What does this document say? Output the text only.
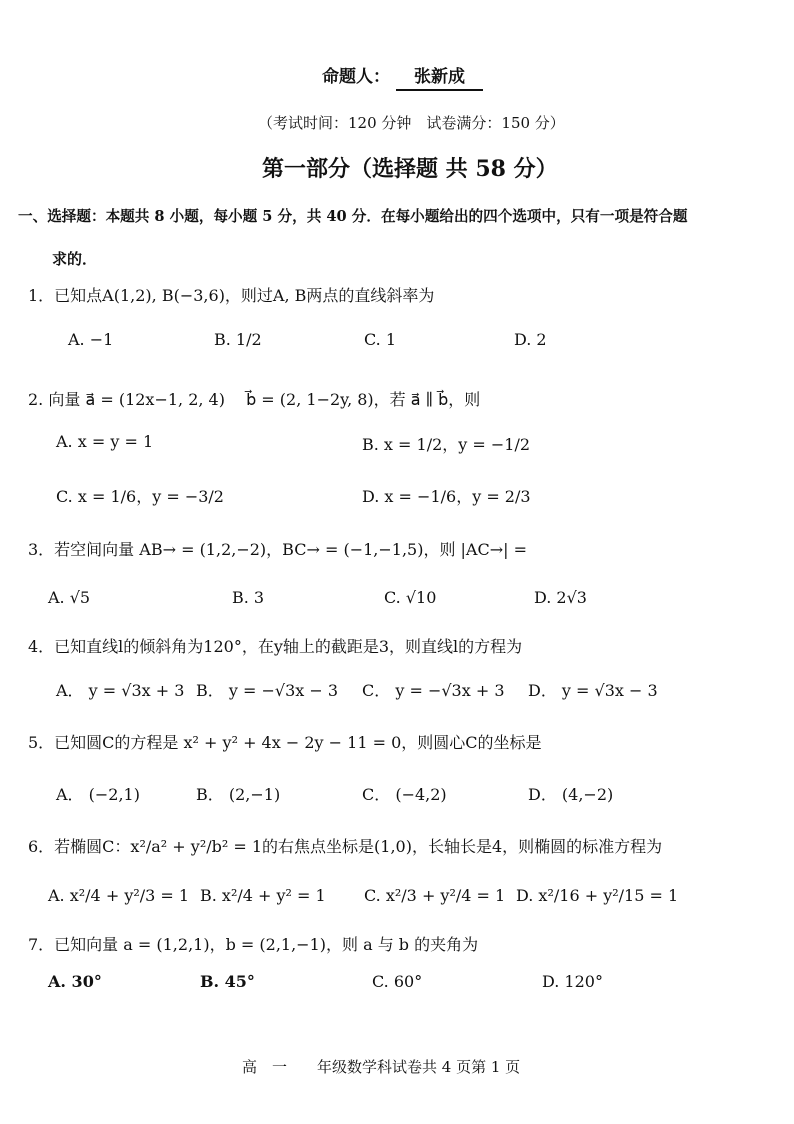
命题人： 张新成
（考试时间：120 分钟　试卷满分：150 分）
第一部分（选择题 共 58 分）
一、选择题：本题共 8 小题，每小题 5 分，共 40 分．在每小题给出的四个选项中，只有一项是符合题
求的．
1．已知点A(1,2), B(−3,6)，则过A, B两点的直线斜率为
A. −1	B. 1/2	C. 1	D. 2
2. 向量 a⃗ = (12x−1, 2, 4)　 b⃗ = (2, 1−2y, 8)，若 a⃗ ∥ b⃗，则
A. x = y = 1	B. x = 1/2，y = −1/2
C. x = 1/6，y = −3/2	D. x = −1/6，y = 2/3
3．若空间向量 AB→ = (1,2,−2)，BC→ = (−1,−1,5)，则 |AC→| =
A. √5	B. 3	C. √10	D. 2√3
4．已知直线l的倾斜角为120°，在y轴上的截距是3，则直线l的方程为
A． y = √3x + 3 B． y = −√3x − 3 C． y = −√3x + 3 D． y = √3x − 3
5．已知圆C的方程是 x² + y² + 4x − 2y − 11 = 0，则圆心C的坐标是
A． (−2,1)	B． (2,−1)	C． (−4,2)	D． (4,−2)
6．若椭圆C：x²/a² + y²/b² = 1的右焦点坐标是(1,0)，长轴长是4，则椭圆的标准方程为
A. x²/4 + y²/3 = 1 B. x²/4 + y² = 1 C. x²/3 + y²/4 = 1 D. x²/16 + y²/15 = 1
7．已知向量 a = (1,2,1)，b = (2,1,−1)，则 a 与 b 的夹角为
A. 30°	B. 45°	C. 60°	D. 120°
高　一　　年级数学科试卷共 4 页第 1 页
